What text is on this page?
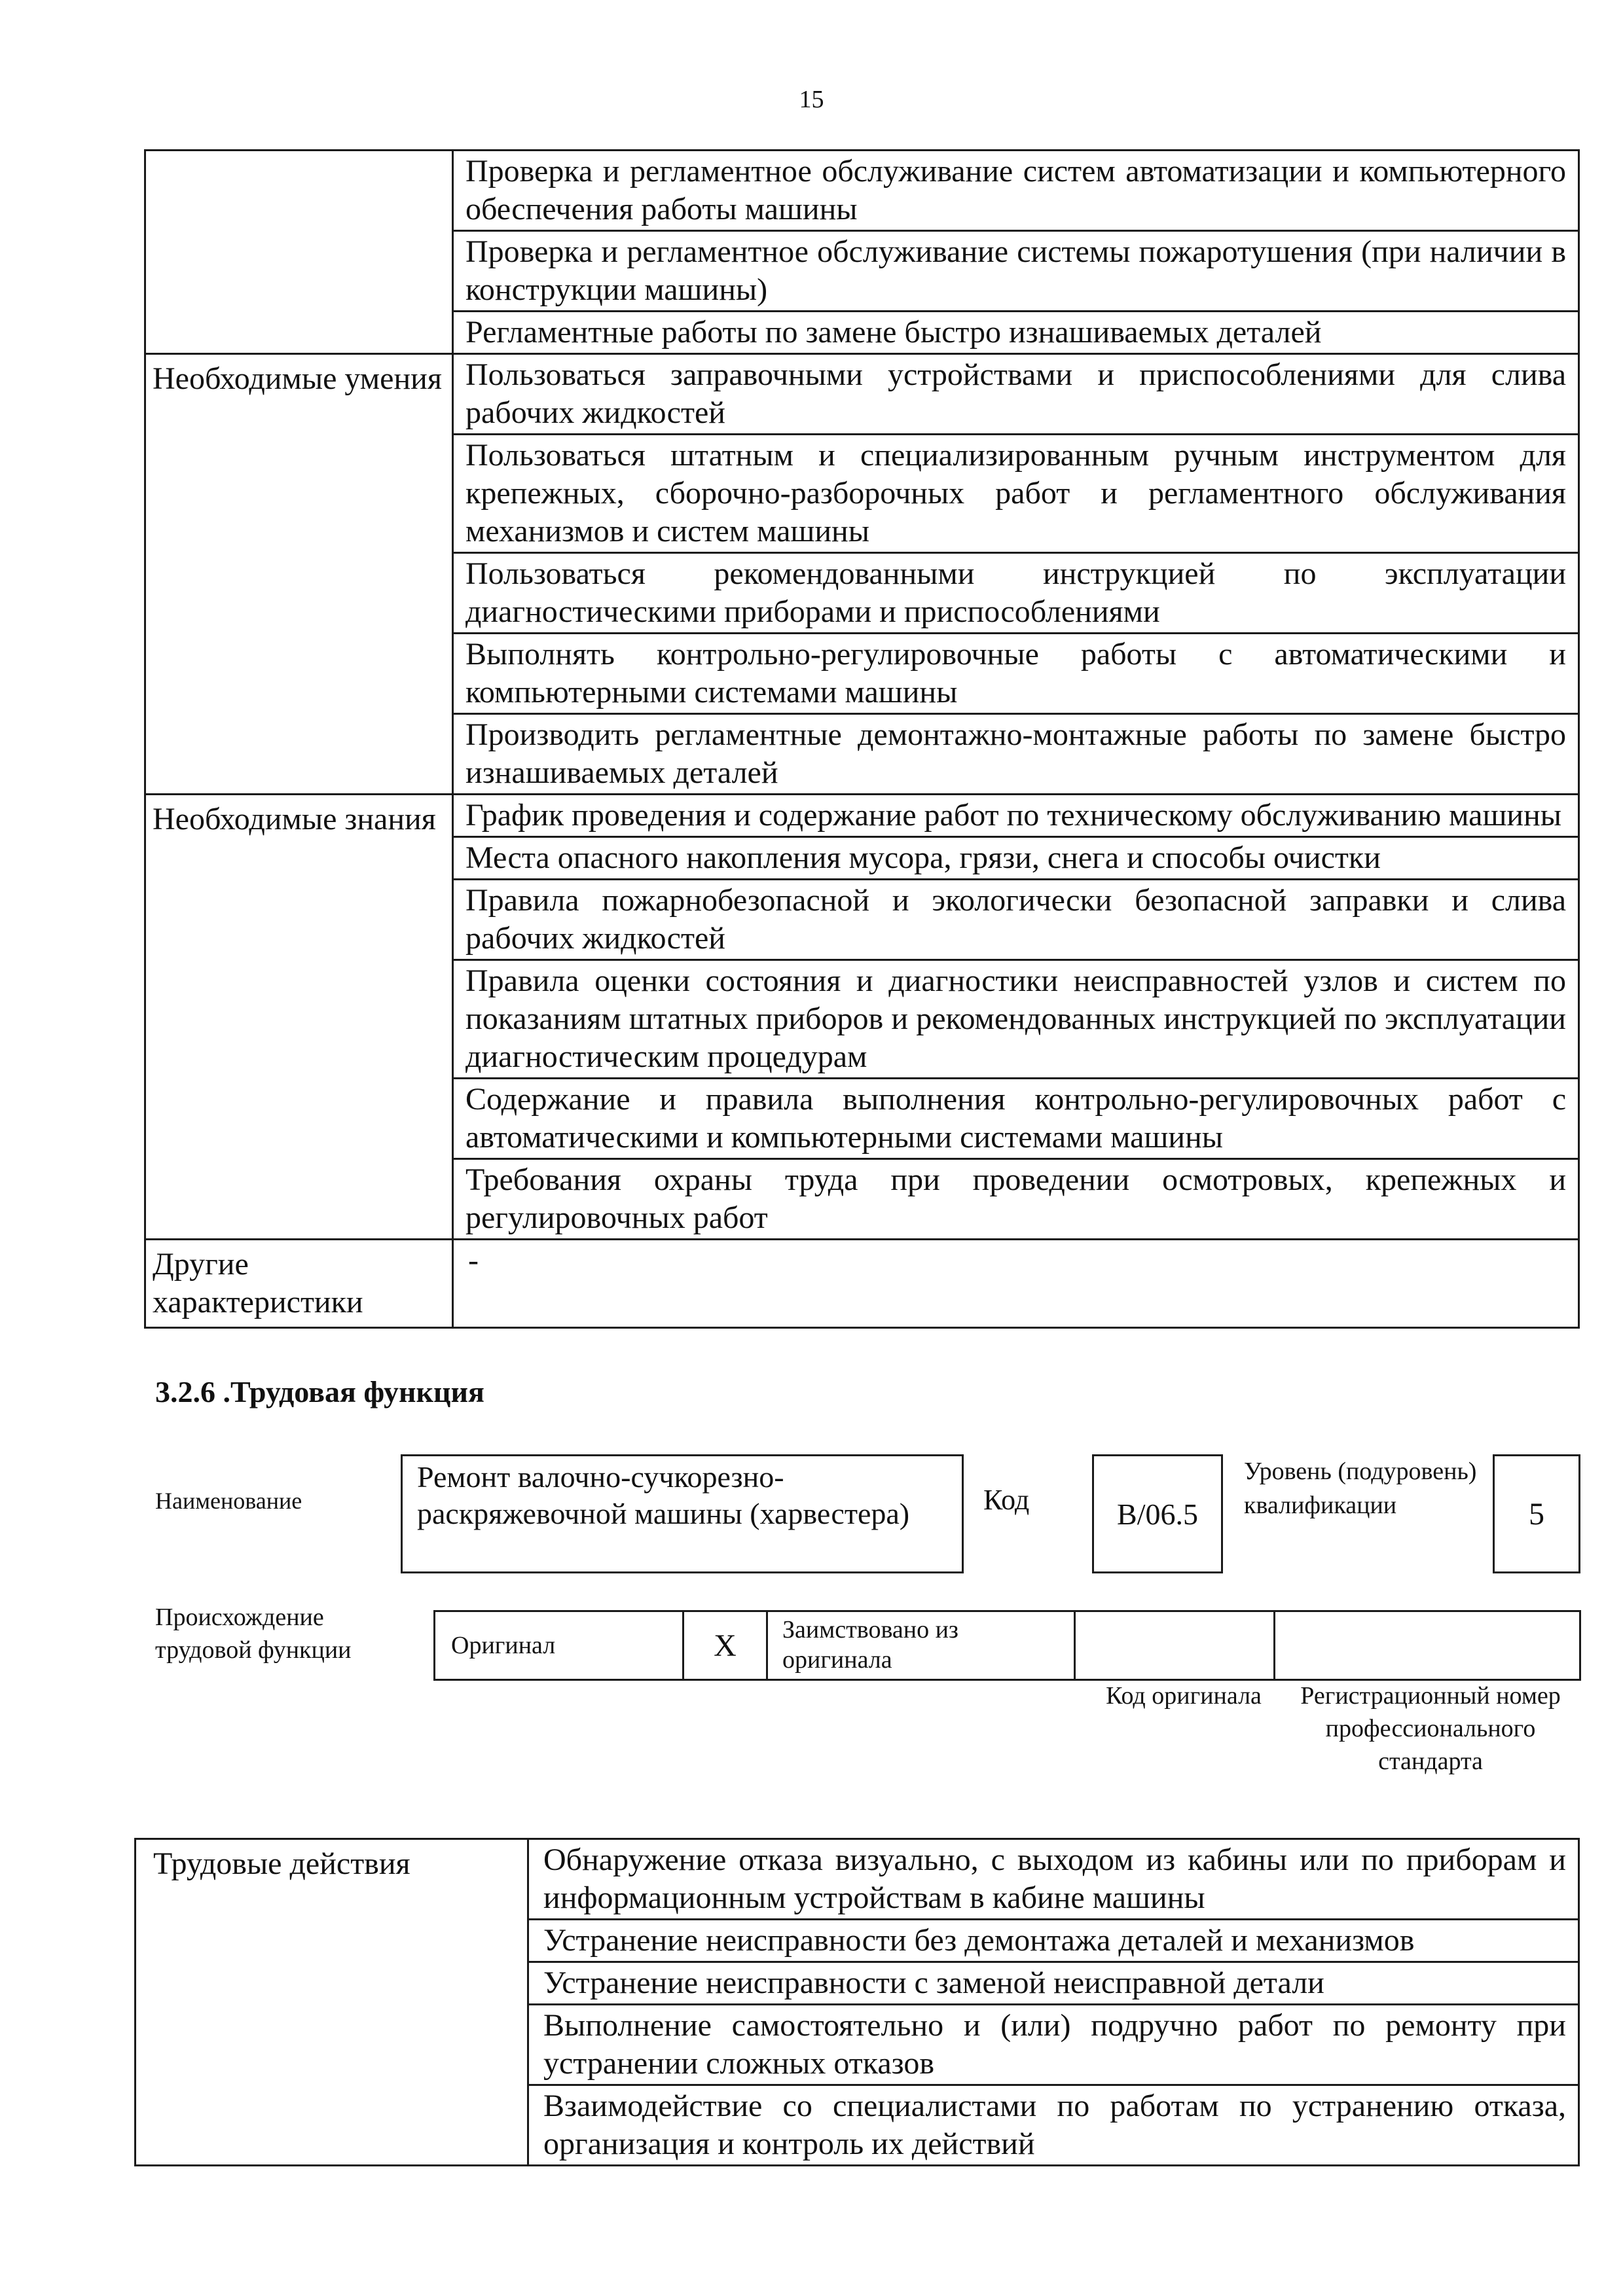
15
	Проверка и регламентное обслуживание систем автоматизации и компьютерного обеспечения работы машины
	Проверка и регламентное обслуживание системы пожаротушения (при наличии в конструкции машины)
	Регламентные работы по замене быстро изнашиваемых деталей
Необходимые умения	Пользоваться заправочными устройствами и приспособлениями для слива рабочих жидкостей
	Пользоваться штатным и специализированным ручным инструментом для крепежных, сборочно-разборочных работ и регламентного обслуживания механизмов и систем машины
	Пользоваться рекомендованными инструкцией по эксплуатации диагностическими приборами и приспособлениями
	Выполнять контрольно-регулировочные работы с автоматическими и компьютерными системами машины
	Производить регламентные демонтажно-монтажные работы по замене быстро изнашиваемых деталей
Необходимые знания	График проведения и содержание работ по техническому обслуживанию машины
	Места опасного накопления мусора, грязи, снега и способы очистки
	Правила пожарнобезопасной и экологически безопасной заправки и слива рабочих жидкостей
	Правила оценки состояния и диагностики неисправностей узлов и систем по показаниям штатных приборов и рекомендованных инструкцией по эксплуатации диагностическим процедурам
	Содержание и правила выполнения контрольно-регулировочных работ с автоматическими и компьютерными системами машины
	Требования охраны труда при проведении осмотровых, крепежных и регулировочных работ
Другие характеристики	-
3.2.6 .Трудовая функция
Наименование
Ремонт валочно-сучкорезно-раскряжевочной машины (харвестера)	Код	B/06.5
Уровень (подуровень) квалификации	5
Происхождение трудовой функции	Оригинал	X	Заимствовано из оригинала		
Код оригинала	Регистрационный номер профессионального стандарта
Трудовые действия	Обнаружение отказа визуально, с выходом из кабины или по приборам и информационным устройствам в кабине машины
Устранение неисправности без демонтажа деталей и механизмов
Устранение неисправности с заменой неисправной детали
Выполнение самостоятельно и (или) подручно работ по ремонту при устранении сложных отказов
Взаимодействие со специалистами по работам по устранению отказа, организация и контроль их действий
